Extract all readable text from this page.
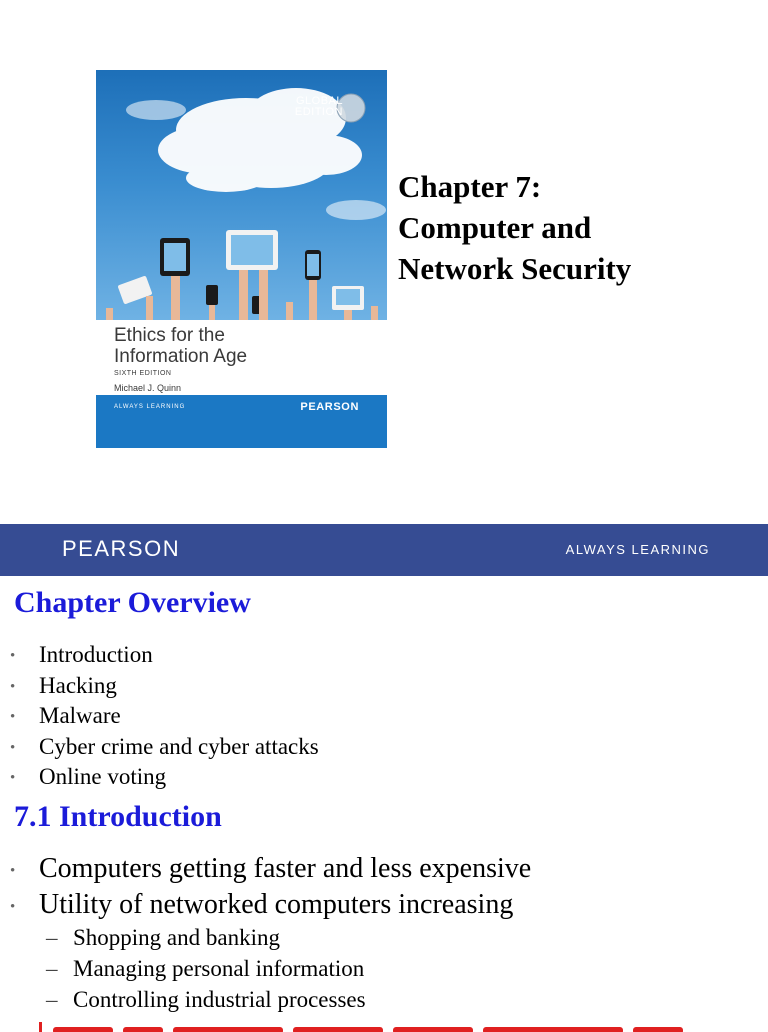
GLOBAL
EDITION
Ethics for the
Information Age
SIXTH EDITION
Michael J. Quinn
ALWAYS LEARNING	PEARSON
Chapter 7:
Computer and
Network Security
PEARSON	ALWAYS LEARNING
Chapter Overview
• Introduction
• Hacking
• Malware
• Cyber crime and cyber attacks
• Online voting
7.1 Introduction
• Computers getting faster and less expensive
• Utility of networked computers increasing
– Shopping and banking
– Managing personal information
– Controlling industrial processes
